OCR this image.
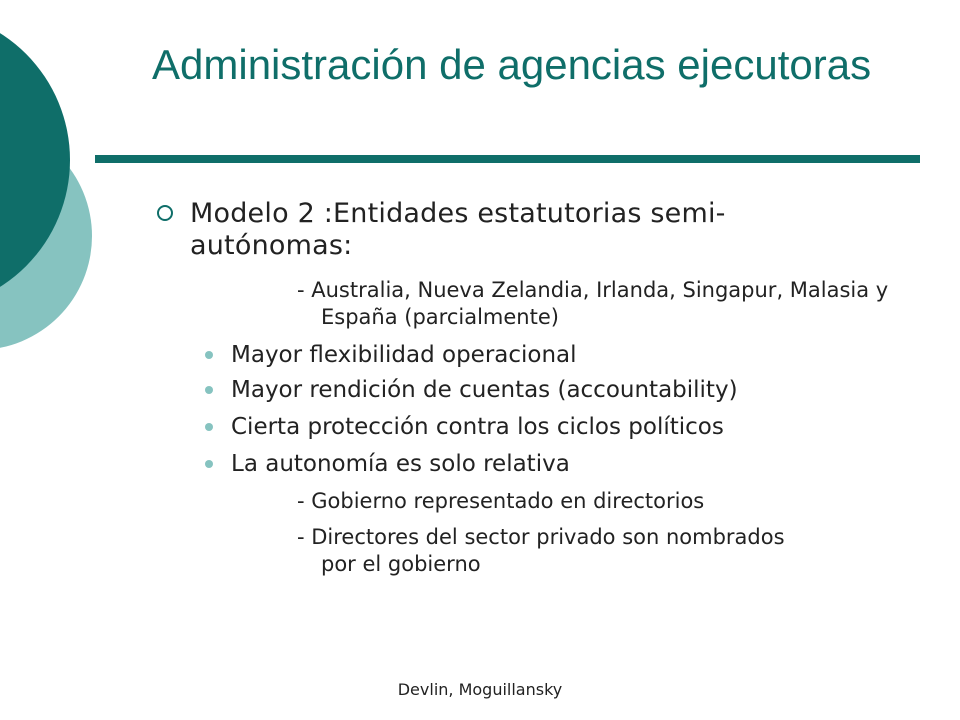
Administración de agencias ejecutoras
Modelo 2 :Entidades estatutorias semi-autónomas:
- Australia, Nueva Zelandia, Irlanda, Singapur, Malasia y España (parcialmente)
Mayor flexibilidad operacional
Mayor rendición de cuentas (accountability)
Cierta protección contra los ciclos políticos
La autonomía es solo relativa
- Gobierno representado en directorios
- Directores del sector privado son nombrados por el gobierno
Devlin, Moguillansky
